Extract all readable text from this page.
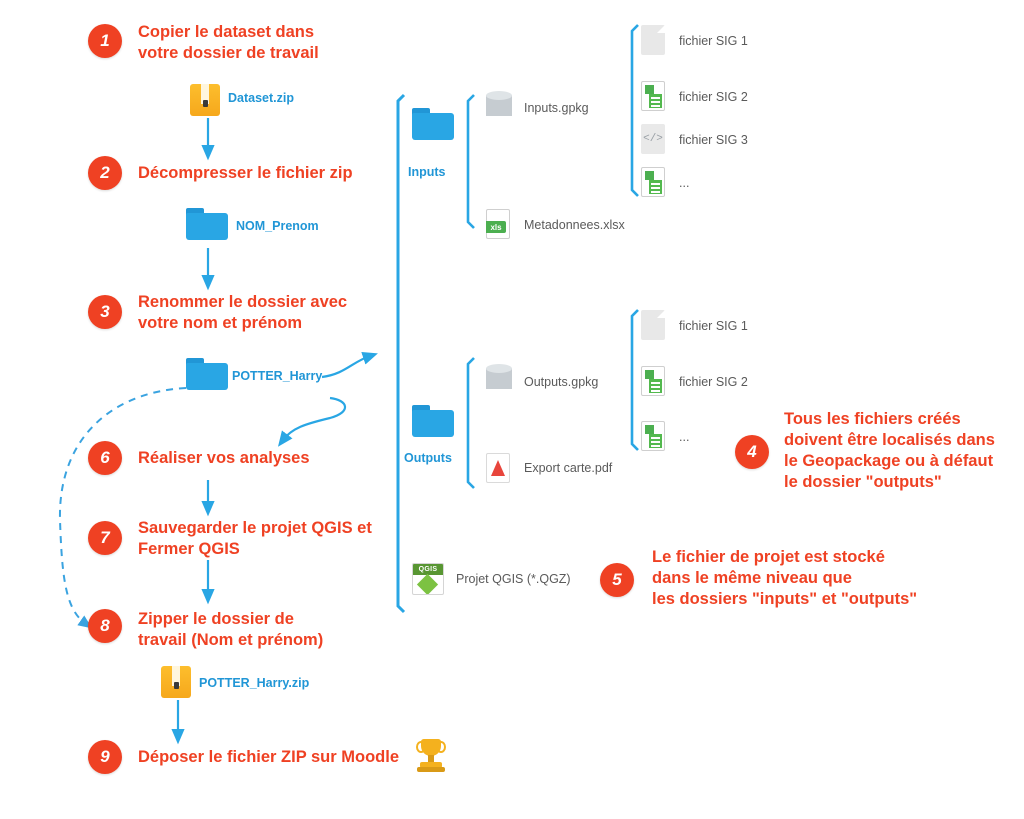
1	Copier le dataset dans
votre dossier de travail
Dataset.zip
2	Décompresser le fichier zip
NOM_Prenom
3	Renommer le dossier avec
votre nom et prénom
POTTER_Harry
6	Réaliser vos analyses
7	Sauvegarder le projet QGIS et
Fermer QGIS
8	Zipper le dossier de
travail (Nom et prénom)
POTTER_Harry.zip
9	Déposer le fichier ZIP sur Moodle
Inputs
Inputs.gpkg
xls	Metadonnees.xlsx
fichier SIG 1
fichier SIG 2
</> fichier SIG 3
...
Outputs
Outputs.gpkg
Export carte.pdf
fichier SIG 1
fichier SIG 2
...
4
Tous les fichiers créés
doivent être localisés dans
le Geopackage ou à défaut
le dossier "outputs"
QGIS
Projet QGIS (*.QGZ)	5
Le fichier de projet est stocké
dans le même niveau que
les dossiers "inputs" et "outputs"
